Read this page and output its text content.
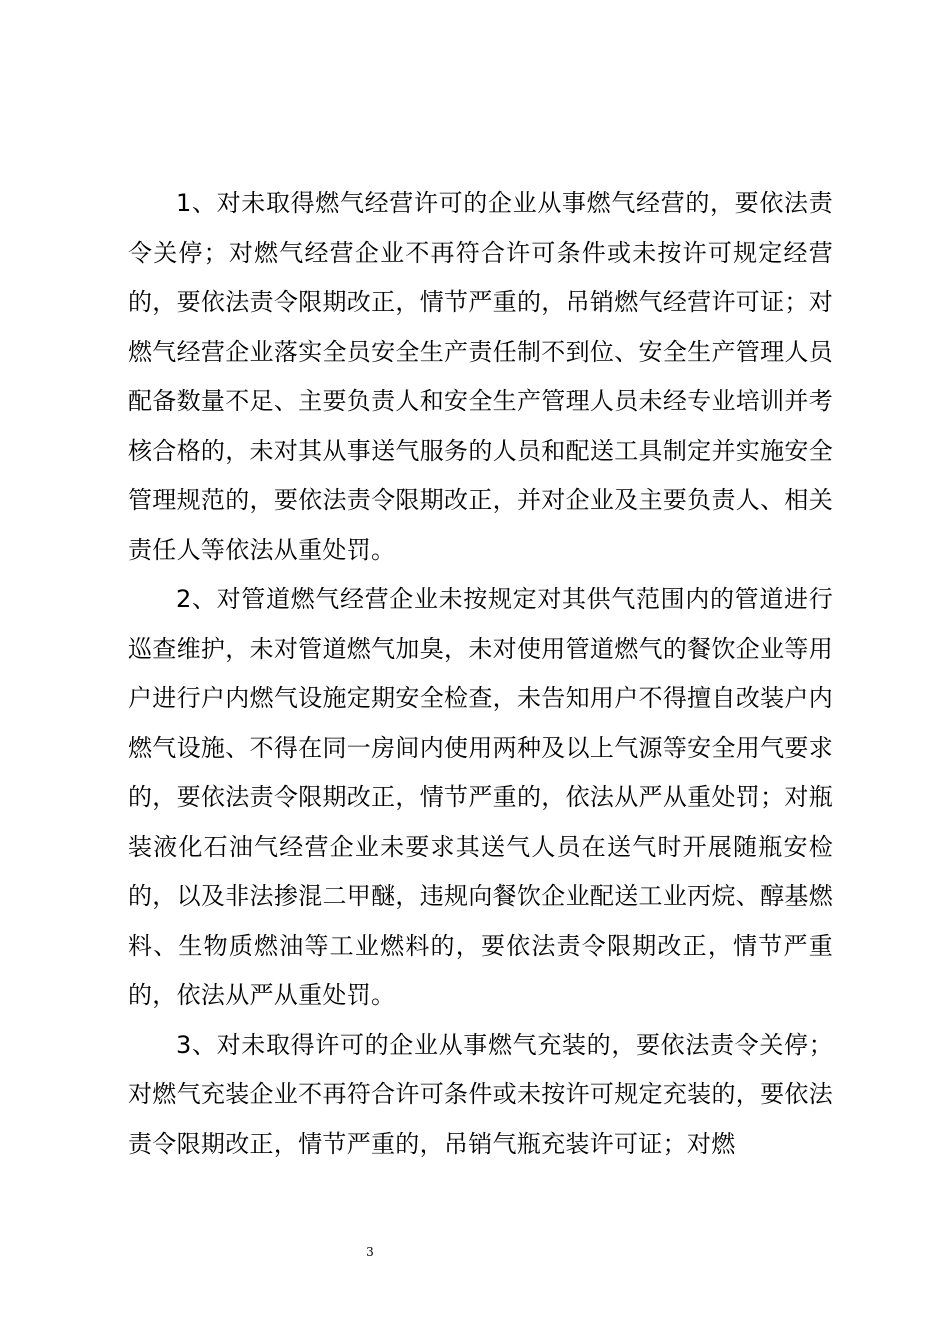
1、对未取得燃气经营许可的企业从事燃气经营的，要依法责令关停；对燃气经营企业不再符合许可条件或未按许可规定经营的，要依法责令限期改正，情节严重的，吊销燃气经营许可证；对燃气经营企业落实全员安全生产责任制不到位、安全生产管理人员配备数量不足、主要负责人和安全生产管理人员未经专业培训并考核合格的，未对其从事送气服务的人员和配送工具制定并实施安全管理规范的，要依法责令限期改正，并对企业及主要负责人、相关责任人等依法从重处罚。

2、对管道燃气经营企业未按规定对其供气范围内的管道进行巡查维护，未对管道燃气加臭，未对使用管道燃气的餐饮企业等用户进行户内燃气设施定期安全检查，未告知用户不得擅自改装户内燃气设施、不得在同一房间内使用两种及以上气源等安全用气要求的，要依法责令限期改正，情节严重的，依法从严从重处罚；对瓶装液化石油气经营企业未要求其送气人员在送气时开展随瓶安检的，以及非法掺混二甲醚，违规向餐饮企业配送工业丙烷、醇基燃料、生物质燃油等工业燃料的，要依法责令限期改正，情节严重的，依法从严从重处罚。

3、对未取得许可的企业从事燃气充装的，要依法责令关停；对燃气充装企业不再符合许可条件或未按许可规定充装的，要依法责令限期改正，情节严重的，吊销气瓶充装许可证；对燃

3
